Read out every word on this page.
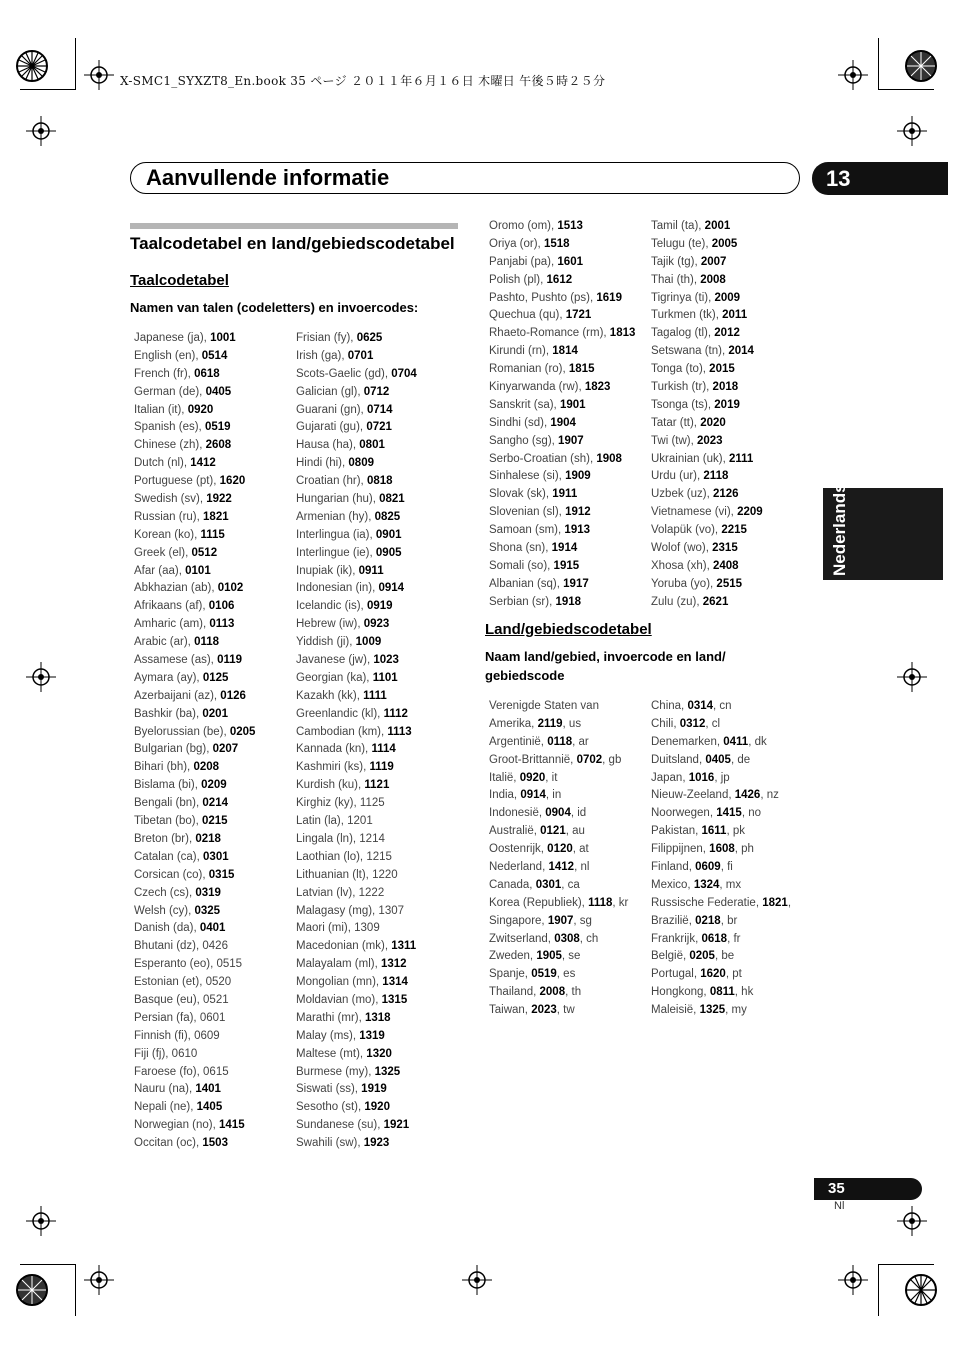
X-SMC1_SYXZT8_En.book 35 ページ ２０１１年６月１６日 木曜日 午後５時２５分
Aanvullende informatie	13
Nederlands
Taalcodetabel en land/gebiedscodetabel
Taalcodetabel
Namen van talen (codeletters) en invoercodes:
Japanese (ja), 1001
English (en), 0514
French (fr), 0618
German (de), 0405
Italian (it), 0920
Spanish (es), 0519
Chinese (zh), 2608
Dutch (nl), 1412
Portuguese (pt), 1620
Swedish (sv), 1922
Russian (ru), 1821
Korean (ko), 1115
Greek (el), 0512
Afar (aa), 0101
Abkhazian (ab), 0102
Afrikaans (af), 0106
Amharic (am), 0113
Arabic (ar), 0118
Assamese (as), 0119
Aymara (ay), 0125
Azerbaijani (az), 0126
Bashkir (ba), 0201
Byelorussian (be), 0205
Bulgarian (bg), 0207
Bihari (bh), 0208
Bislama (bi), 0209
Bengali (bn), 0214
Tibetan (bo), 0215
Breton (br), 0218
Catalan (ca), 0301
Corsican (co), 0315
Czech (cs), 0319
Welsh (cy), 0325
Danish (da), 0401
Bhutani (dz), 0426
Esperanto (eo), 0515
Estonian (et), 0520
Basque (eu), 0521
Persian (fa), 0601
Finnish (fi), 0609
Fiji (fj), 0610
Faroese (fo), 0615
Nauru (na), 1401
Nepali (ne), 1405
Norwegian (no), 1415
Occitan (oc), 1503
Frisian (fy), 0625
Irish (ga), 0701
Scots-Gaelic (gd), 0704
Galician (gl), 0712
Guarani (gn), 0714
Gujarati (gu), 0721
Hausa (ha), 0801
Hindi (hi), 0809
Croatian (hr), 0818
Hungarian (hu), 0821
Armenian (hy), 0825
Interlingua (ia), 0901
Interlingue (ie), 0905
Inupiak (ik), 0911
Indonesian (in), 0914
Icelandic (is), 0919
Hebrew (iw), 0923
Yiddish (ji), 1009
Javanese (jw), 1023
Georgian (ka), 1101
Kazakh (kk), 1111
Greenlandic (kl), 1112
Cambodian (km), 1113
Kannada (kn), 1114
Kashmiri (ks), 1119
Kurdish (ku), 1121
Kirghiz (ky), 1125
Latin (la), 1201
Lingala (ln), 1214
Laothian (lo), 1215
Lithuanian (lt), 1220
Latvian (lv), 1222
Malagasy (mg), 1307
Maori (mi), 1309
Macedonian (mk), 1311
Malayalam (ml), 1312
Mongolian (mn), 1314
Moldavian (mo), 1315
Marathi (mr), 1318
Malay (ms), 1319
Maltese (mt), 1320
Burmese (my), 1325
Siswati (ss), 1919
Sesotho (st), 1920
Sundanese (su), 1921
Swahili (sw), 1923
Oromo (om), 1513
Oriya (or), 1518
Panjabi (pa), 1601
Polish (pl), 1612
Pashto, Pushto (ps), 1619
Quechua (qu), 1721
Rhaeto-Romance (rm), 1813
Kirundi (rn), 1814
Romanian (ro), 1815
Kinyarwanda (rw), 1823
Sanskrit (sa), 1901
Sindhi (sd), 1904
Sangho (sg), 1907
Serbo-Croatian (sh), 1908
Sinhalese (si), 1909
Slovak (sk), 1911
Slovenian (sl), 1912
Samoan (sm), 1913
Shona (sn), 1914
Somali (so), 1915
Albanian (sq), 1917
Serbian (sr), 1918
Tamil (ta), 2001
Telugu (te), 2005
Tajik (tg), 2007
Thai (th), 2008
Tigrinya (ti), 2009
Turkmen (tk), 2011
Tagalog (tl), 2012
Setswana (tn), 2014
Tonga (to), 2015
Turkish (tr), 2018
Tsonga (ts), 2019
Tatar (tt), 2020
Twi (tw), 2023
Ukrainian (uk), 2111
Urdu (ur), 2118
Uzbek (uz), 2126
Vietnamese (vi), 2209
Volapük (vo), 2215
Wolof (wo), 2315
Xhosa (xh), 2408
Yoruba (yo), 2515
Zulu (zu), 2621
Land/gebiedscodetabel
Naam land/gebied, invoercode en land/
gebiedscode
Verenigde Staten van
Amerika, 2119, us
Argentinië, 0118, ar
Groot-Brittannië, 0702, gb
Italië, 0920, it
India, 0914, in
Indonesië, 0904, id
Australië, 0121, au
Oostenrijk, 0120, at
Nederland, 1412, nl
Canada, 0301, ca
Korea (Republiek), 1118, kr
Singapore, 1907, sg
Zwitserland, 0308, ch
Zweden, 1905, se
Spanje, 0519, es
Thailand, 2008, th
Taiwan, 2023, tw
China, 0314, cn
Chili, 0312, cl
Denemarken, 0411, dk
Duitsland, 0405, de
Japan, 1016, jp
Nieuw-Zeeland, 1426, nz
Noorwegen, 1415, no
Pakistan, 1611, pk
Filippijnen, 1608, ph
Finland, 0609, fi
Mexico, 1324, mx
Russische Federatie, 1821,
Brazilië, 0218, br
Frankrijk, 0618, fr
België, 0205, be
Portugal, 1620, pt
Hongkong, 0811, hk
Maleisië, 1325, my
35
Nl
